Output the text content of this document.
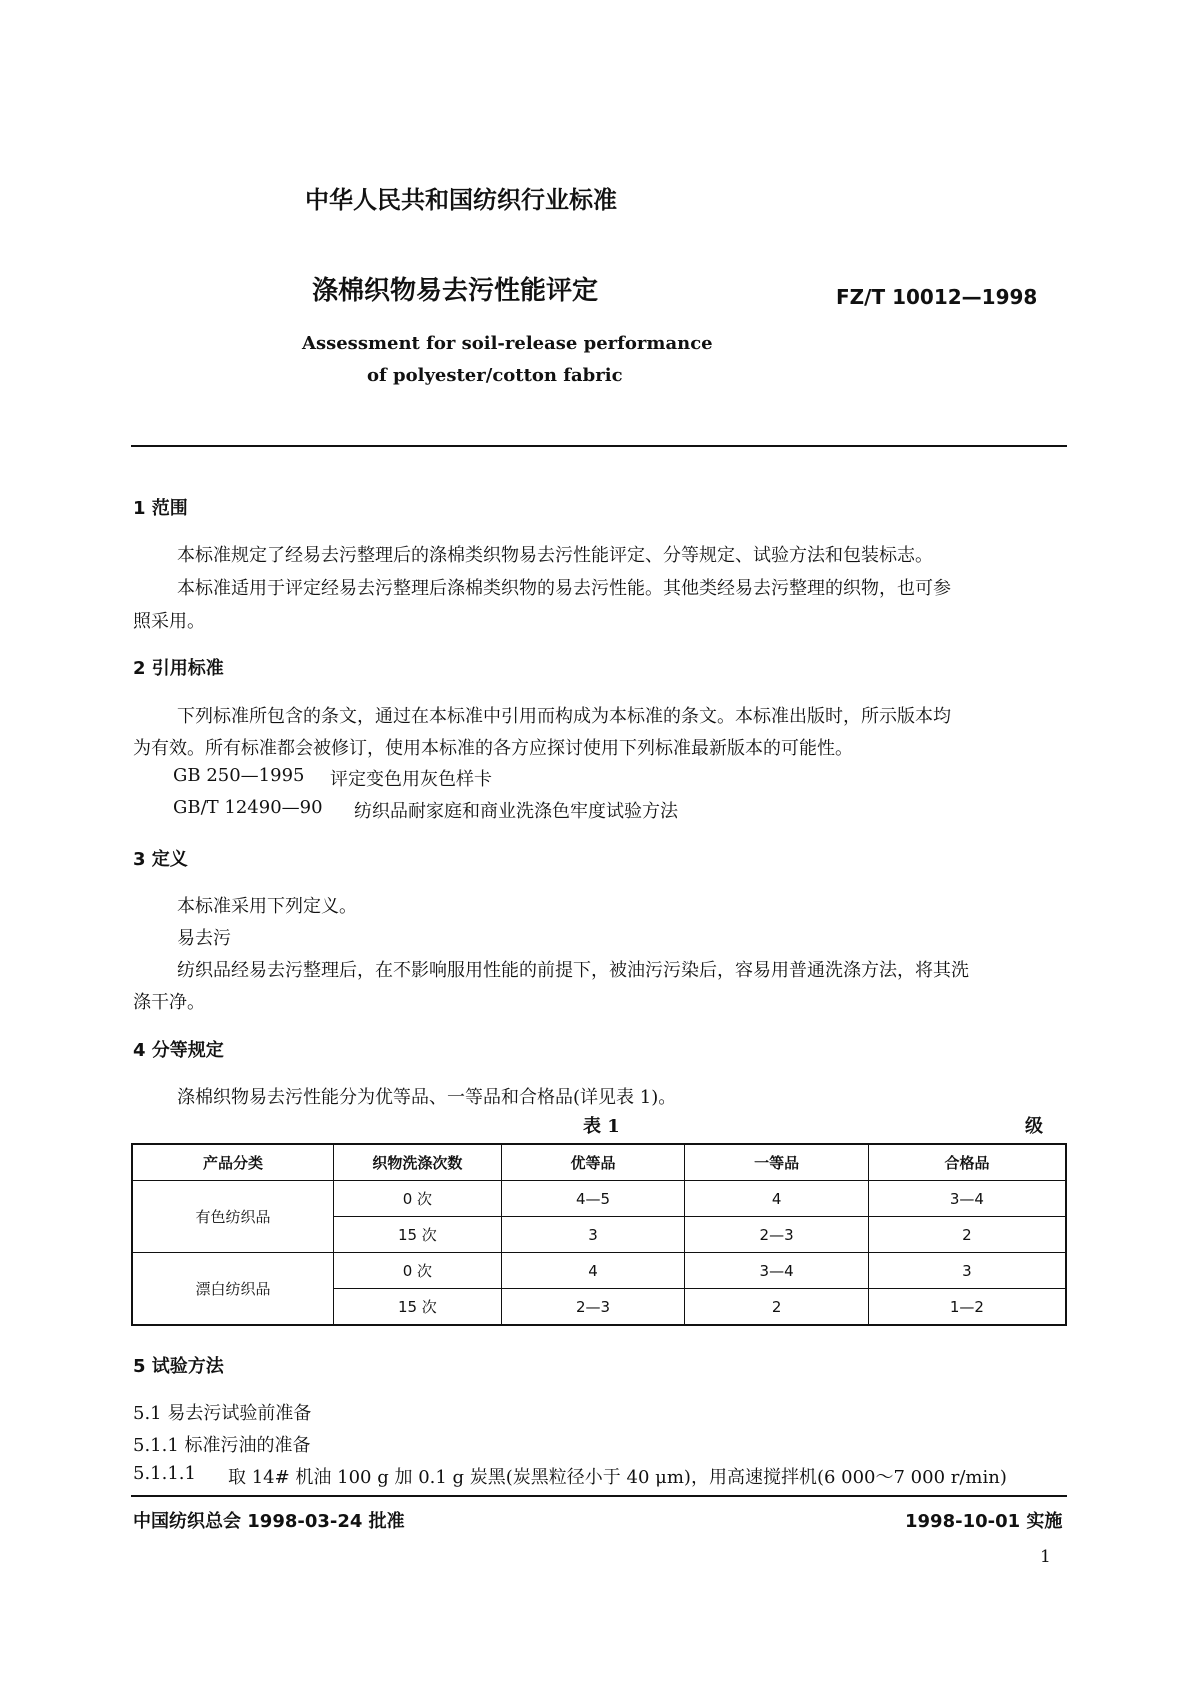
中华人民共和国纺织行业标准
涤棉织物易去污性能评定	FZ/T 10012—1998
Assessment for soil-release performance
of polyester/cotton fabric
1 范围
本标准规定了经易去污整理后的涤棉类织物易去污性能评定、分等规定、试验方法和包装标志。
本标准适用于评定经易去污整理后涤棉类织物的易去污性能。其他类经易去污整理的织物，也可参
照采用。
2 引用标准
下列标准所包含的条文，通过在本标准中引用而构成为本标准的条文。本标准出版时，所示版本均
为有效。所有标准都会被修订，使用本标准的各方应探讨使用下列标准最新版本的可能性。
GB 250—1995 评定变色用灰色样卡
GB/T 12490—90 纺织品耐家庭和商业洗涤色牢度试验方法
3 定义
本标准采用下列定义。
易去污
纺织品经易去污整理后，在不影响服用性能的前提下，被油污污染后，容易用普通洗涤方法，将其洗
涤干净。
4 分等规定
涤棉织物易去污性能分为优等品、一等品和合格品(详见表 1)。
表 1	级
产品分类	织物洗涤次数	优等品	一等品	合格品
有色纺织品	0 次	4—5	4	3—4
	15 次	3	2—3	2
漂白纺织品	0 次	4	3—4	3
	15 次	2—3	2	1—2
5 试验方法
5.1 易去污试验前准备
5.1.1 标准污油的准备
5.1.1.1 取 14# 机油 100 g 加 0.1 g 炭黑(炭黑粒径小于 40 μm)，用高速搅拌机(6 000～7 000 r/min)
中国纺织总会 1998-03-24 批准	1998-10-01 实施
1
